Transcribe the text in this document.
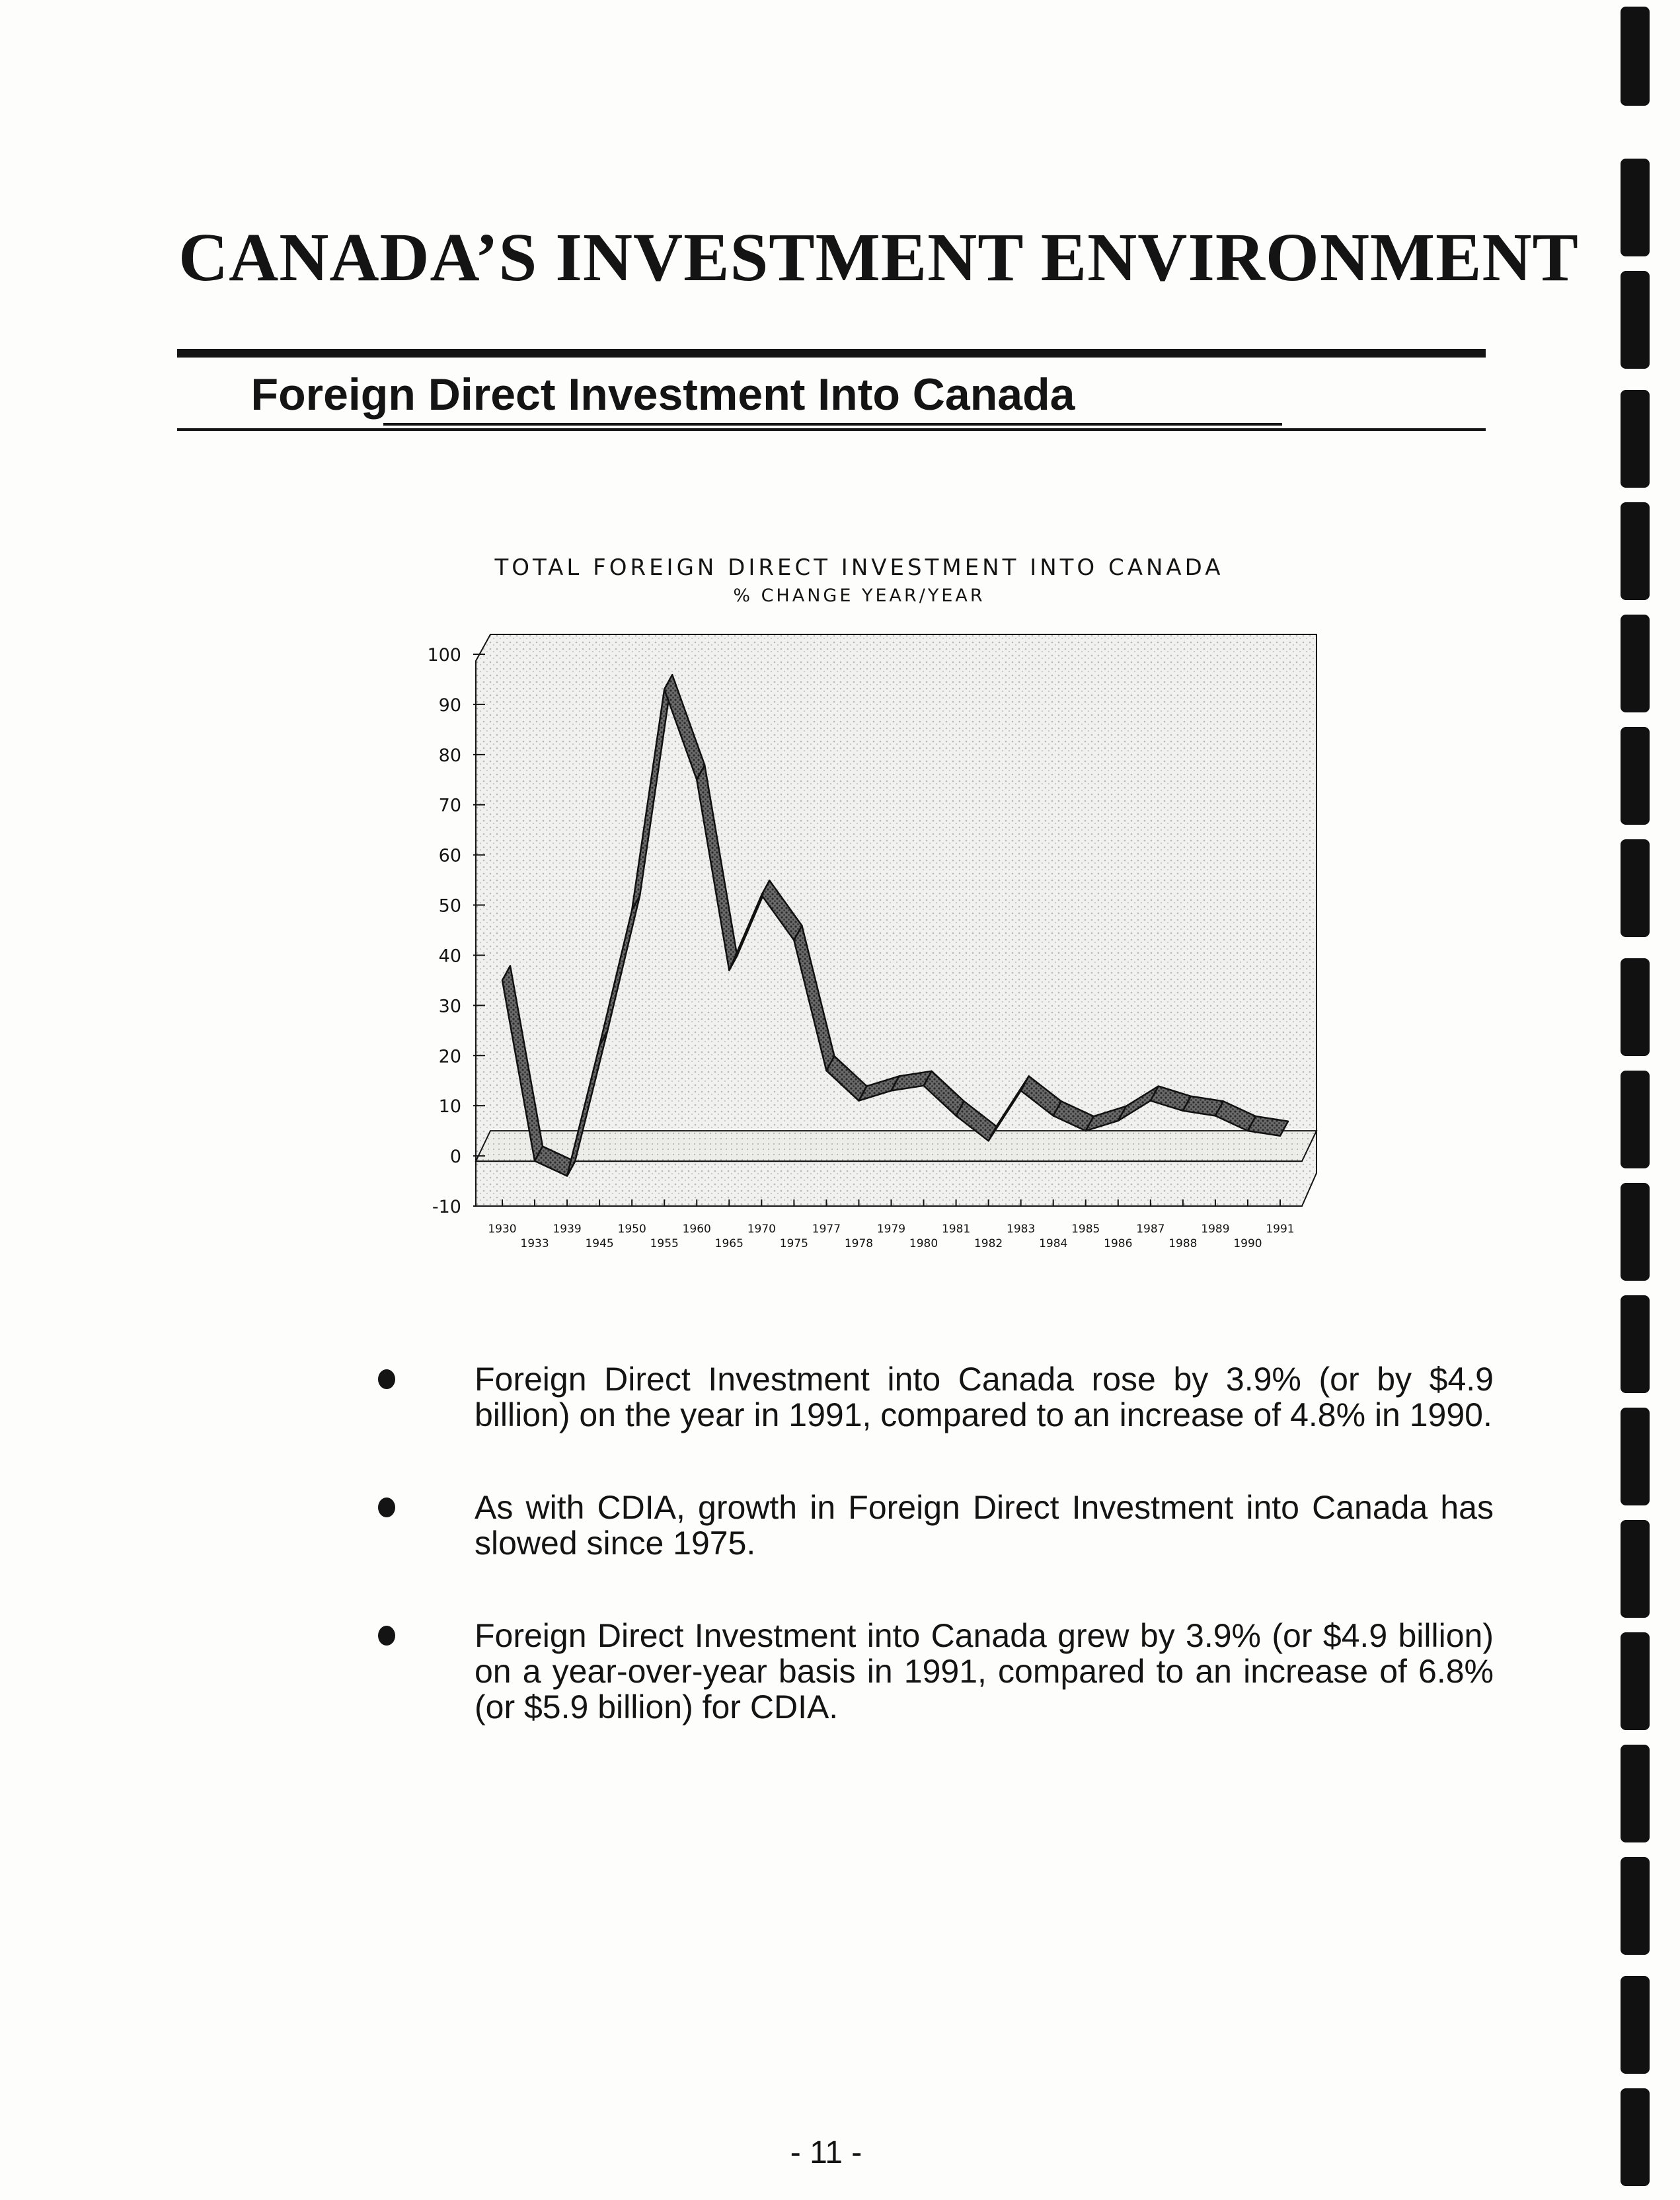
CANADA’S INVESTMENT ENVIRONMENT
Foreign Direct Investment Into Canada
TOTAL FOREIGN DIRECT INVESTMENT INTO CANADA
% CHANGE YEAR/YEAR
100
90
80
70
60
50
40
30
20
10
0
-10
1930
1933
1939
1945
1950
1955
1960
1965
1970
1975
1977
1978
1979
1980
1981
1982
1983
1984
1985
1986
1987
1988
1989
1990
1991
Foreign Direct Investment into Canada rose by 3.9% (or by $4.9 billion) on the year in 1991, compared to an increase of 4.8% in 1990.
As with CDIA, growth in Foreign Direct Investment into Canada has slowed since 1975.
Foreign Direct Investment into Canada grew by 3.9% (or $4.9 billion) on a year-over-year basis in 1991, compared to an increase of 6.8% (or $5.9 billion) for CDIA.
- 11 -
